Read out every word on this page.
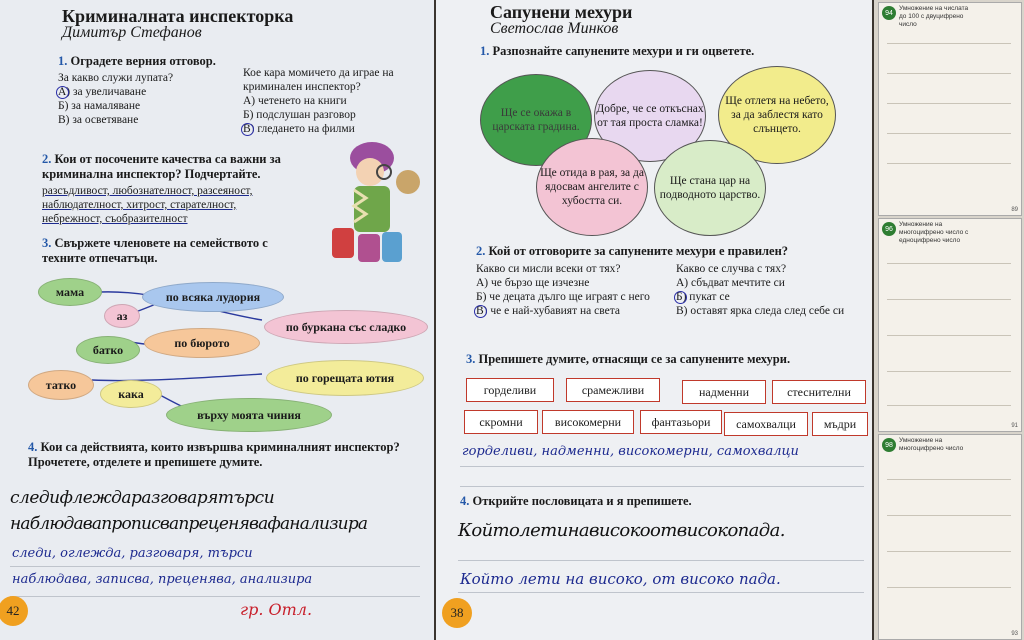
Криминалната инспекторка
Димитър Стефанов
1. Оградете верния отговор.
За какво служи лупата?
А) за увеличаване
Б) за намаляване
В) за осветяване
Кое кара момичето да играе на криминален инспектор?
А) четенето на книги
Б) подслушан разговор
В) гледането на филми
2. Кои от посочените качества са важни за криминална инспектор? Подчертайте.
разсъдливост, любознателност, разсеяност,
наблюдателност, хитрост, старателност,
небрежност, съобразителност
3. Свържете членовете на семейството с техните отпечатъци.
мама
аз
батко
татко
кака
по всяка лудория
по буркана със сладко
по бюрото
по горещата ютия
върху моята чиния
4. Кои са действията, които извършва криминалният инспектор? Прочетете, отделете и препишете думите.
следифлеждаразговарятърси
наблюдавапрописвапреценявафанализира
следи, оглежда, разговаря, търси
наблюдава, записва, преценява, анализира
гр. Отл.
42
Сапунени мехури
Светослав Минков
1. Разпознайте сапунените мехури и ги оцветете.
Ще се окажа в царската градина.
Добре, че се откъснах от тая проста сламка!
Ще отлетя на небето, за да заблестя като слънцето.
Ще отида в рая, за да ядосвам ангелите с хубостта си.
Ще стана цар на подводното царство.
2. Кой от отговорите за сапунените мехури е правилен?
Какво си мисли всеки от тях?
А) че бързо ще изчезне
Б) че децата дълго ще играят с него
В) че е най-хубавият на света
Какво се случва с тях?
А) сбъдват мечтите си
Б) пукат се
В) оставят ярка следа след себе си
3. Препишете думите, отнасящи се за сапунените мехури.
горделиви	срамежливи	надменни	стеснителни
скромни	високомерни	фантазьори	самохвалци	мъдри
горделиви, надменни, високомерни, самохвалци
4. Открийте пословицата и я препишете.
Койтолетинависокоотвисокопада.
Който лети на високо, от високо пада.
38
94
Умножение на числата до 100 с двуцифрено число
89
96
Умножение на многоцифрено число с едноцифрено число
91
98
Умножение на многоцифрено число
93
